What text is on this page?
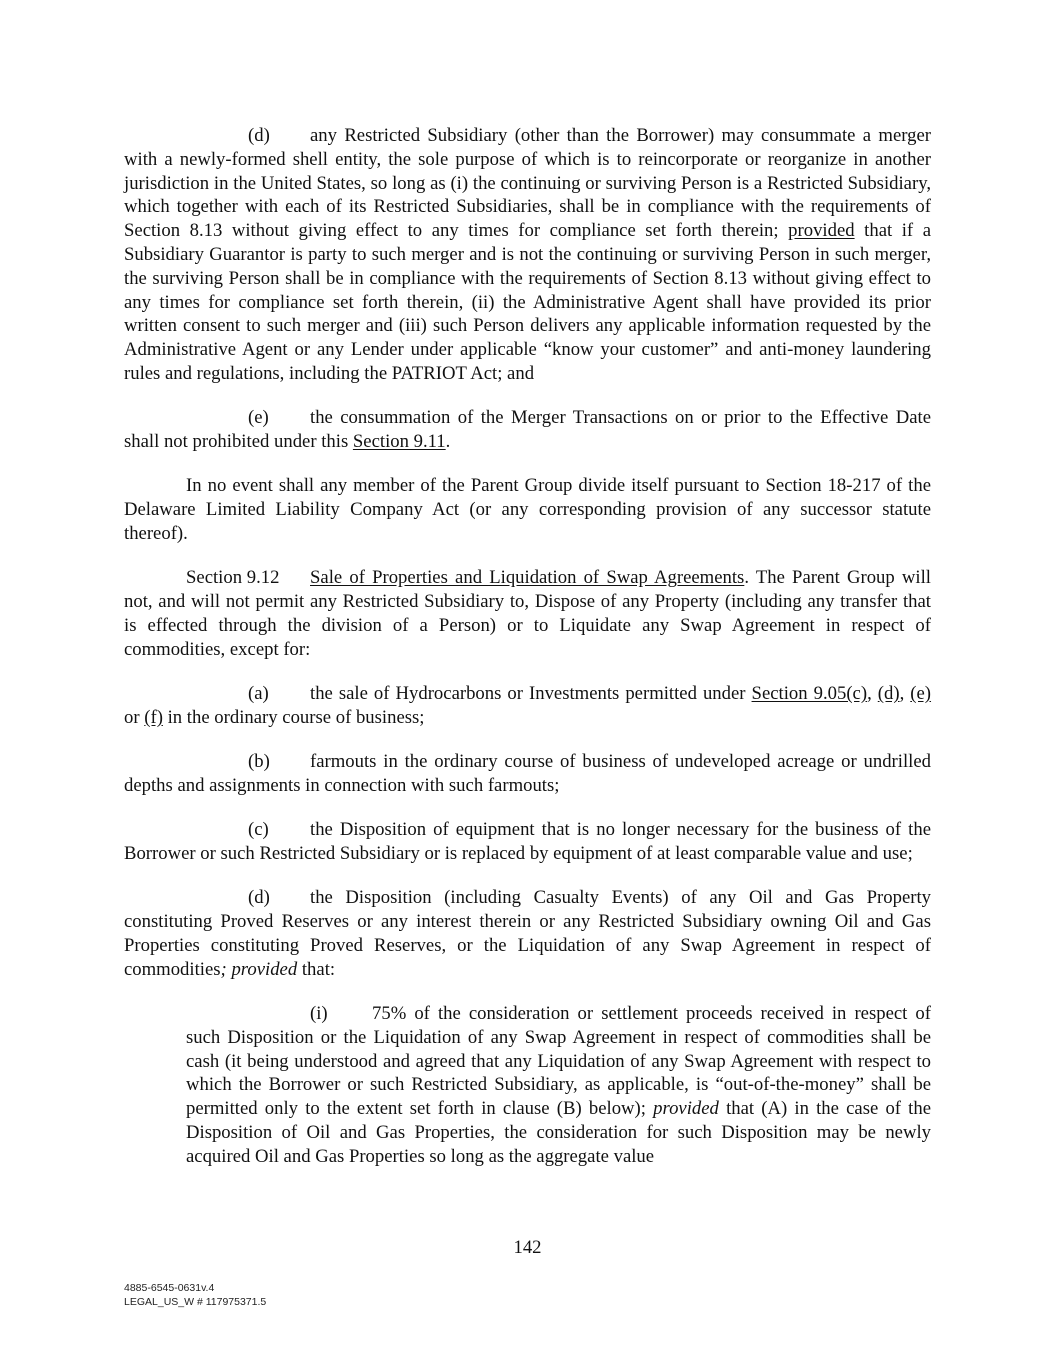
(d) any Restricted Subsidiary (other than the Borrower) may consummate a merger with a newly-formed shell entity, the sole purpose of which is to reincorporate or reorganize in another jurisdiction in the United States, so long as (i) the continuing or surviving Person is a Restricted Subsidiary, which together with each of its Restricted Subsidiaries, shall be in compliance with the requirements of Section 8.13 without giving effect to any times for compliance set forth therein; provided that if a Subsidiary Guarantor is party to such merger and is not the continuing or surviving Person in such merger, the surviving Person shall be in compliance with the requirements of Section 8.13 without giving effect to any times for compliance set forth therein, (ii) the Administrative Agent shall have provided its prior written consent to such merger and (iii) such Person delivers any applicable information requested by the Administrative Agent or any Lender under applicable “know your customer” and anti-money laundering rules and regulations, including the PATRIOT Act; and

(e) the consummation of the Merger Transactions on or prior to the Effective Date shall not prohibited under this Section 9.11.

In no event shall any member of the Parent Group divide itself pursuant to Section 18-217 of the Delaware Limited Liability Company Act (or any corresponding provision of any successor statute thereof).

Section 9.12 Sale of Properties and Liquidation of Swap Agreements. The Parent Group will not, and will not permit any Restricted Subsidiary to, Dispose of any Property (including any transfer that is effected through the division of a Person) or to Liquidate any Swap Agreement in respect of commodities, except for:

(a) the sale of Hydrocarbons or Investments permitted under Section 9.05(c), (d), (e) or (f) in the ordinary course of business;

(b) farmouts in the ordinary course of business of undeveloped acreage or undrilled depths and assignments in connection with such farmouts;

(c) the Disposition of equipment that is no longer necessary for the business of the Borrower or such Restricted Subsidiary or is replaced by equipment of at least comparable value and use;

(d) the Disposition (including Casualty Events) of any Oil and Gas Property constituting Proved Reserves or any interest therein or any Restricted Subsidiary owning Oil and Gas Properties constituting Proved Reserves, or the Liquidation of any Swap Agreement in respect of commodities; provided that:

(i) 75% of the consideration or settlement proceeds received in respect of such Disposition or the Liquidation of any Swap Agreement in respect of commodities shall be cash (it being understood and agreed that any Liquidation of any Swap Agreement with respect to which the Borrower or such Restricted Subsidiary, as applicable, is “out-of-the-money” shall be permitted only to the extent set forth in clause (B) below); provided that (A) in the case of the Disposition of Oil and Gas Properties, the consideration for such Disposition may be newly acquired Oil and Gas Properties so long as the aggregate value

142
4885-6545-0631v.4
LEGAL_US_W # 117975371.5
